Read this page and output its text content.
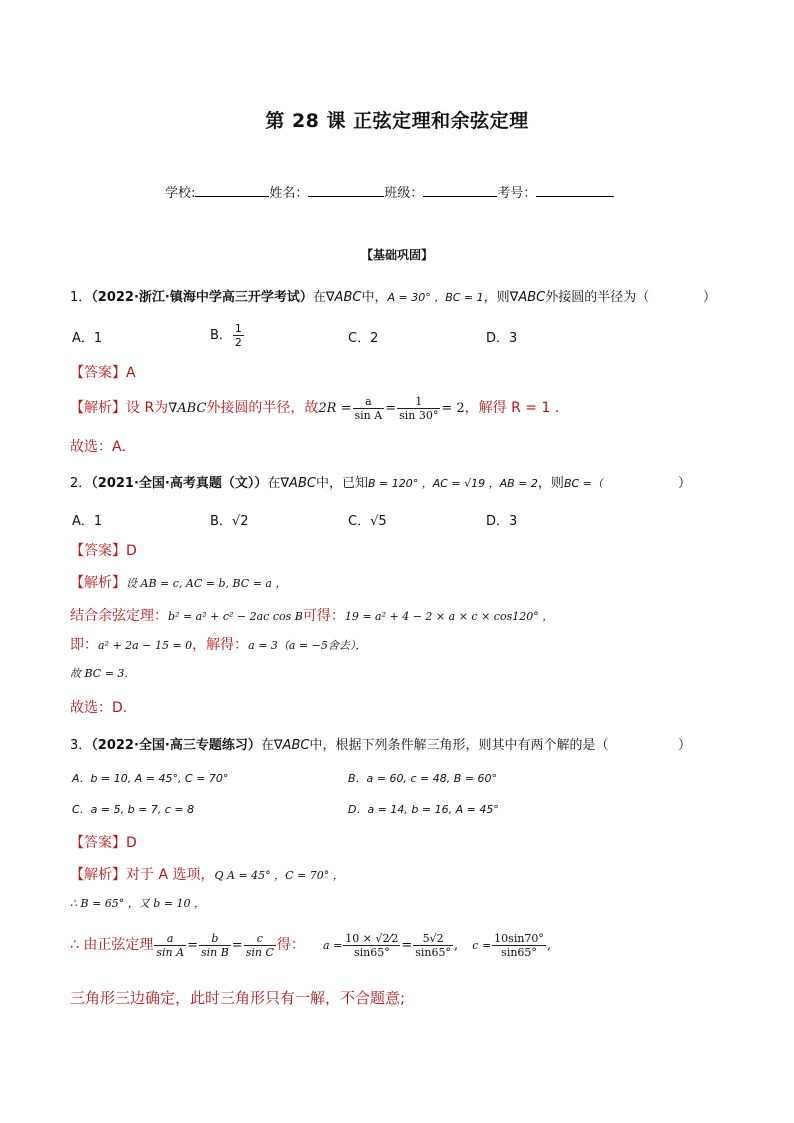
第 28 课 正弦定理和余弦定理
学校:	姓名：	班级：	考号：
【基础巩固】
1．（2022·浙江·镇海中学高三开学考试）在∇ABC中，A = 30° ，BC = 1，则∇ABC外接圆的半径为（	）
A．1	B． $\frac{1}{2}$	C．2	D．3
【答案】A
【解析】设 R为∇ABC外接圆的半径，故$2R = \frac{a}{\text{sin A}} = \frac{1}{\sin 30^\circ} = 2$，解得 R = 1 .
故选：A．
2．（2021·全国·高考真题（文））在∇ABC中，已知B = 120° ，AC = √19 ，AB = 2，则BC =（	）
A．1	B．√2	C．√5	D．3
【答案】D
【解析】设 AB = c, AC = b, BC = a ，
结合余弦定理：b² = a² + c² − 2ac cos B可得：19 = a² + 4 − 2 × a × c × cos120° ，
即：a² + 2a − 15 = 0，解得：a = 3（a = −5舍去），
故 BC = 3.
故选：D.
3．（2022·全国·高三专题练习）在∇ABC中，根据下列条件解三角形，则其中有两个解的是（	）
A．b = 10, A = 45°, C = 70°	B．a = 60, c = 48, B = 60°
C．a = 5, b = 7, c = 8	D．a = 14, b = 16, A = 45°
【答案】D
【解析】对于 A 选项，Q A = 45° ，C = 70° ，
∴ B = 65° ，又 b = 10 ，
∴ 由正弦定理 $\frac{a}{\text{sin A}} = \frac{b}{\text{sin B}} = \frac{c}{\text{sin C}}$ 得： $a = \frac{10 \times √2⁄2}{\sin 65^\circ} = \frac{5√2}{\sin 65^\circ}$ , $c = \frac{10\sin 70^\circ}{\sin 65^\circ}$ ,
三角形三边确定，此时三角形只有一解，不合题意;
